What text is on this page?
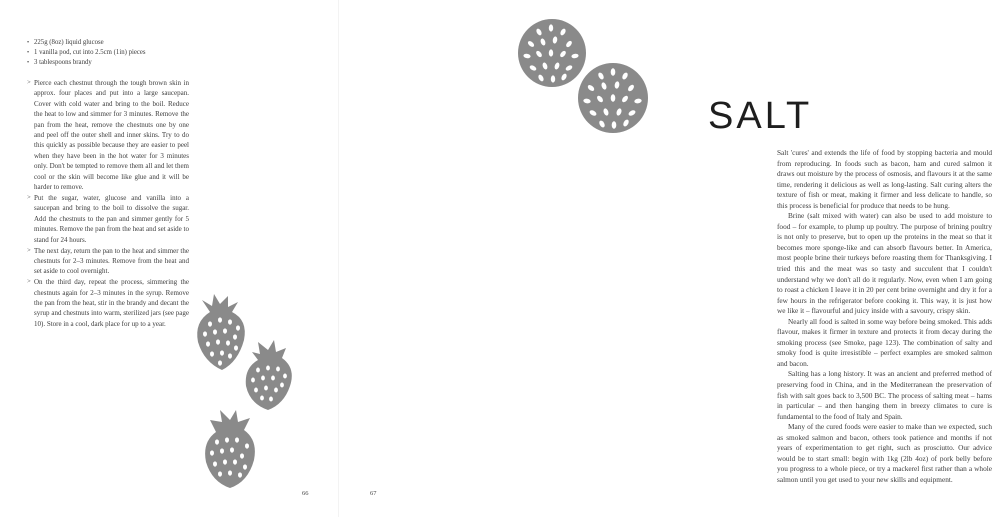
• 225g (8oz) liquid glucose
• 1 vanilla pod, cut into 2.5cm (1in) pieces
• 3 tablespoons brandy
> Pierce each chestnut through the tough brown skin in approx. four places and put into a large saucepan. Cover with cold water and bring to the boil. Reduce the heat to low and simmer for 3 minutes. Remove the pan from the heat, remove the chestnuts one by one and peel off the outer shell and inner skins. Try to do this quickly as possible because they are easier to peel when they have been in the hot water for 3 minutes only. Don't be tempted to remove them all and let them cool or the skin will become like glue and it will be harder to remove.
> Put the sugar, water, glucose and vanilla into a saucepan and bring to the boil to dissolve the sugar. Add the chestnuts to the pan and simmer gently for 5 minutes. Remove the pan from the heat and set aside to stand for 24 hours.
> The next day, return the pan to the heat and simmer the chestnuts for 2–3 minutes. Remove from the heat and set aside to cool overnight.
> On the third day, repeat the process, simmering the chestnuts again for 2–3 minutes in the syrup. Remove the pan from the heat, stir in the brandy and decant the syrup and chestnuts into warm, sterilized jars (see page 10). Store in a cool, dark place for up to a year.
66
SALT

Salt 'cures' and extends the life of food by stopping bacteria and mould from reproducing. In foods such as bacon, ham and cured salmon it draws out moisture by the process of osmosis, and flavours it at the same time, rendering it delicious as well as long-lasting. Salt curing alters the texture of fish or meat, making it firmer and less delicate to handle, so this process is beneficial for produce that needs to be hung.

Brine (salt mixed with water) can also be used to add moisture to food – for example, to plump up poultry. The purpose of brining poultry is not only to preserve, but to open up the proteins in the meat so that it becomes more sponge-like and can absorb flavours better. In America, most people brine their turkeys before roasting them for Thanksgiving. I tried this and the meat was so tasty and succulent that I couldn't understand why we don't all do it regularly. Now, even when I am going to roast a chicken I leave it in 20 per cent brine overnight and dry it for a few hours in the refrigerator before cooking it. This way, it is just how we like it – flavourful and juicy inside with a savoury, crispy skin.

Nearly all food is salted in some way before being smoked. This adds flavour, makes it firmer in texture and protects it from decay during the smoking process (see Smoke, page 123). The combination of salty and smoky food is quite irresistible – perfect examples are smoked salmon and bacon.

Salting has a long history. It was an ancient and preferred method of preserving food in China, and in the Mediterranean the preservation of fish with salt goes back to 3,500 BC. The process of salting meat – hams in particular – and then hanging them in breezy climates to cure is fundamental to the food of Italy and Spain.

Many of the cured foods were easier to make than we expected, such as smoked salmon and bacon, others took patience and months if not years of experimentation to get right, such as prosciutto. Our advice would be to start small: begin with 1kg (2lb 4oz) of pork belly before you progress to a whole piece, or try a mackerel first rather than a whole salmon until you get used to your new skills and equipment.

67
